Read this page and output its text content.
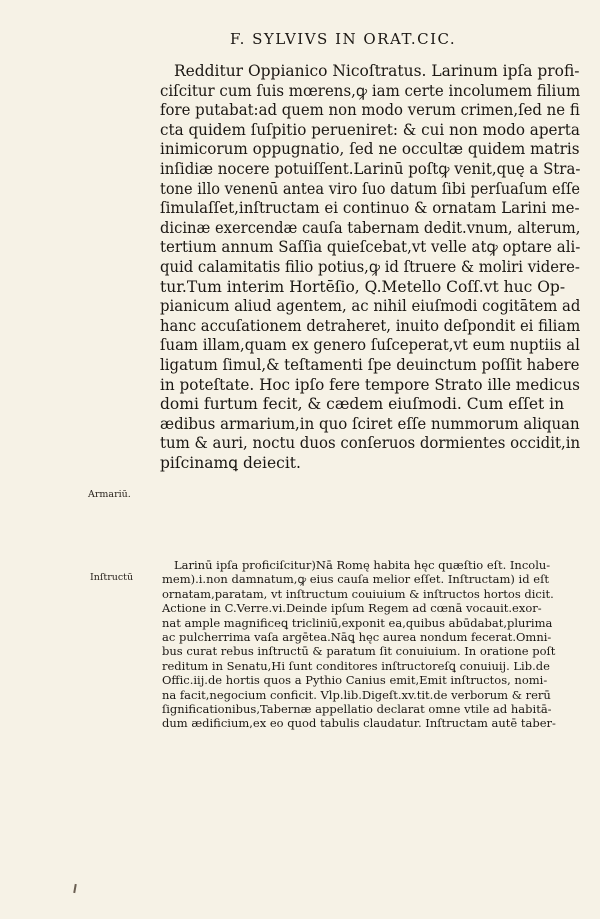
F. SYLVIVS IN ORAT.CIC.
Redditur Oppianico Nicoſtratus. Larinum ipſa profi-
ciſcitur cum ſuis mœrens,ꝙ iam certe incolumem filium
fore putabat:ad quem non modo verum crimen,ſed ne fi
cta quidem ſuſpitio perueniret: & cui non modo aperta
inimicorum oppugnatio, ſed ne occultæ quidem matris
inſidiæ nocere potuiſſent.Larinū poſtꝙ venit,quę a Stra-
tone illo venenū antea viro ſuo datum ſibi perſuaſum eſſe
ſimulaſſet,inſtructam ei continuo & ornatam Larini me-
dicinæ exercendæ cauſa tabernam dedit.vnum, alterum,
tertium annum Saſſia quieſcebat,vt velle atꝙ optare ali-
quid calamitatis filio potius,ꝙ id ſtruere & moliri videre-
tur.Tum interim Hortēſio, Q.Metello Coſſ.vt huc Op-
pianicum aliud agentem, ac nihil eiuſmodi cogitātem ad
hanc accuſationem detraheret, inuito deſpondit ei filiam
ſuam illam,quam ex genero ſuſceperat,vt eum nuptiis al
ligatum ſimul,& teſtamenti ſpe deuinctum poſſit habere
in poteſtate. Hoc ipſo fere tempore Strato ille medicus
domi furtum fecit, & cædem eiuſmodi. Cum eſſet in
ædibus armarium,in quo ſciret eſſe nummorum aliquan
tum & auri, noctu duos conſeruos dormientes occidit,in
piſcinamꝗ deiecit.
Armariū.
Inſtructū
Larinū ipſa proficiſcitur)Nā Romę habita hęc quæſtio eſt. Incolu-
mem).i.non damnatum,ꝙ eius cauſa melior eſſet. Inſtructam) id eſt
ornatam,paratam, vt inſtructum couiuium & inſtructos hortos dicit.
Actione in C.Verre.vi.Deinde ipſum Regem ad cœnā vocauit.exor-
nat ample magnificeꝗ tricliniū,exponit ea,quibus abūdabat,plurima
ac pulcherrima vaſa argētea.Nāꝗ hęc aurea nondum fecerat.Omni-
bus curat rebus inſtructū & paratum ſit conuiuium. In oratione poſt
reditum in Senatu,Hi ſunt conditores inſtructoreſꝗ conuiuij. Lib.de
Offic.iij.de hortis quos a Pythio Canius emit,Emit inſtructos, nomi-
na facit,negocium conficit. Vlp.lib.Digeſt.xv.tit.de verborum & rerū
ſignificationibus,Tabernæ appellatio declarat omne vtile ad habitā-
dum ædificium,ex eo quod tabulis claudatur. Inſtructam autē taber-
